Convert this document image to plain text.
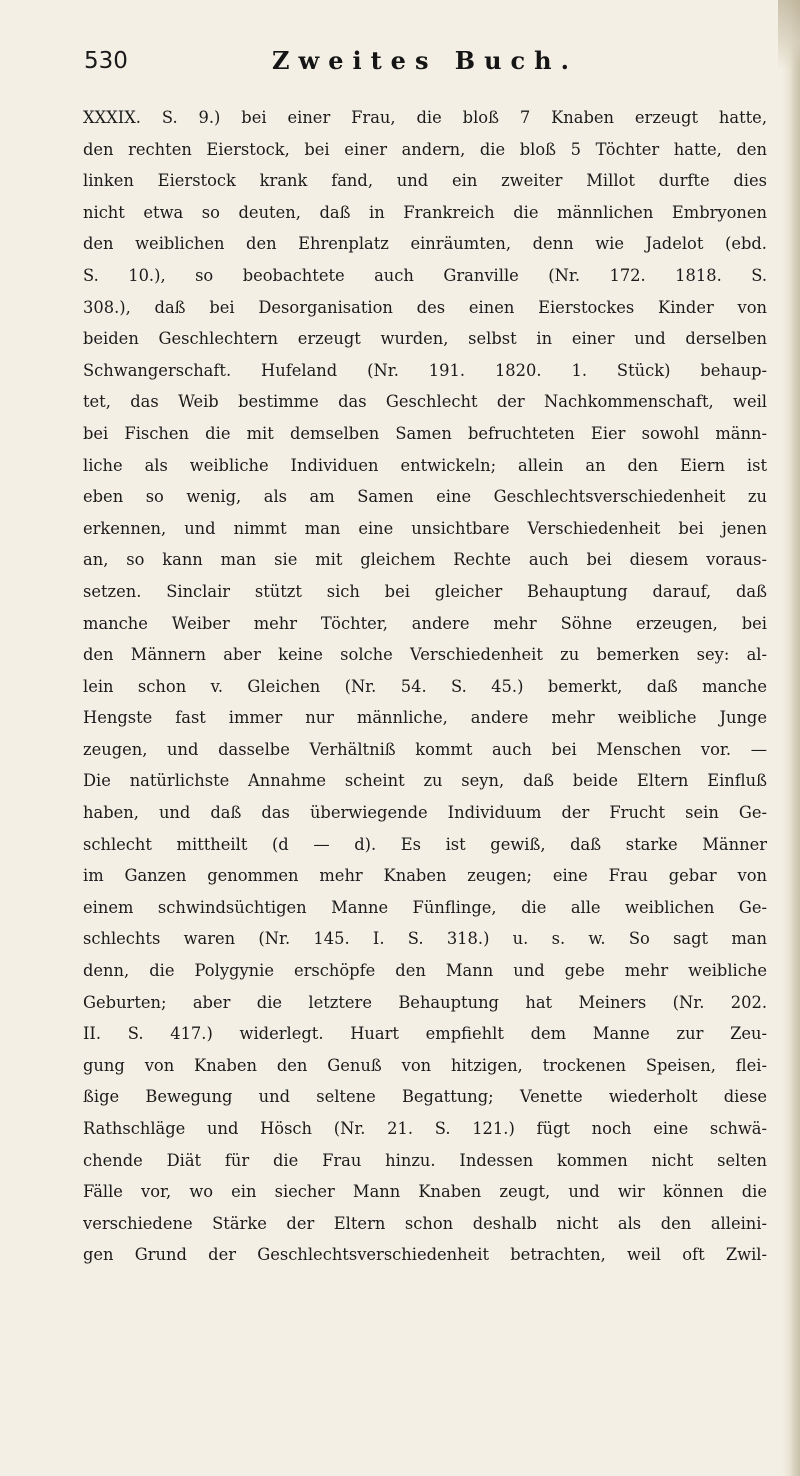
530	Zweites Buch.
XXXIX. S. 9.) bei einer Frau, die bloß 7 Knaben erzeugt hatte,
den rechten Eierstock, bei einer andern, die bloß 5 Töchter hatte, den
linken Eierstock krank fand, und ein zweiter Millot durfte dies
nicht etwa so deuten, daß in Frankreich die männlichen Embryonen
den weiblichen den Ehrenplatz einräumten, denn wie Jadelot (ebd.
S. 10.), so beobachtete auch Granville (Nr. 172. 1818. S.
308.), daß bei Desorganisation des einen Eierstockes Kinder von
beiden Geschlechtern erzeugt wurden, selbst in einer und derselben
Schwangerschaft. Hufeland (Nr. 191. 1820. 1. Stück) behaup-
tet, das Weib bestimme das Geschlecht der Nachkommenschaft, weil
bei Fischen die mit demselben Samen befruchteten Eier sowohl männ-
liche als weibliche Individuen entwickeln; allein an den Eiern ist
eben so wenig, als am Samen eine Geschlechtsverschiedenheit zu
erkennen, und nimmt man eine unsichtbare Verschiedenheit bei jenen
an, so kann man sie mit gleichem Rechte auch bei diesem voraus-
setzen. Sinclair stützt sich bei gleicher Behauptung darauf, daß
manche Weiber mehr Töchter, andere mehr Söhne erzeugen, bei
den Männern aber keine solche Verschiedenheit zu bemerken sey: al-
lein schon v. Gleichen (Nr. 54. S. 45.) bemerkt, daß manche
Hengste fast immer nur männliche, andere mehr weibliche Junge
zeugen, und dasselbe Verhältniß kommt auch bei Menschen vor. —
Die natürlichste Annahme scheint zu seyn, daß beide Eltern Einfluß
haben, und daß das überwiegende Individuum der Frucht sein Ge-
schlecht mittheilt (d — d). Es ist gewiß, daß starke Männer
im Ganzen genommen mehr Knaben zeugen; eine Frau gebar von
einem schwindsüchtigen Manne Fünflinge, die alle weiblichen Ge-
schlechts waren (Nr. 145. I. S. 318.) u. s. w. So sagt man
denn, die Polygynie erschöpfe den Mann und gebe mehr weibliche
Geburten; aber die letztere Behauptung hat Meiners (Nr. 202.
II. S. 417.) widerlegt. Huart empfiehlt dem Manne zur Zeu-
gung von Knaben den Genuß von hitzigen, trockenen Speisen, flei-
ßige Bewegung und seltene Begattung; Venette wiederholt diese
Rathschläge und Hösch (Nr. 21. S. 121.) fügt noch eine schwä-
chende Diät für die Frau hinzu. Indessen kommen nicht selten
Fälle vor, wo ein siecher Mann Knaben zeugt, und wir können die
verschiedene Stärke der Eltern schon deshalb nicht als den alleini-
gen Grund der Geschlechtsverschiedenheit betrachten, weil oft Zwil-
